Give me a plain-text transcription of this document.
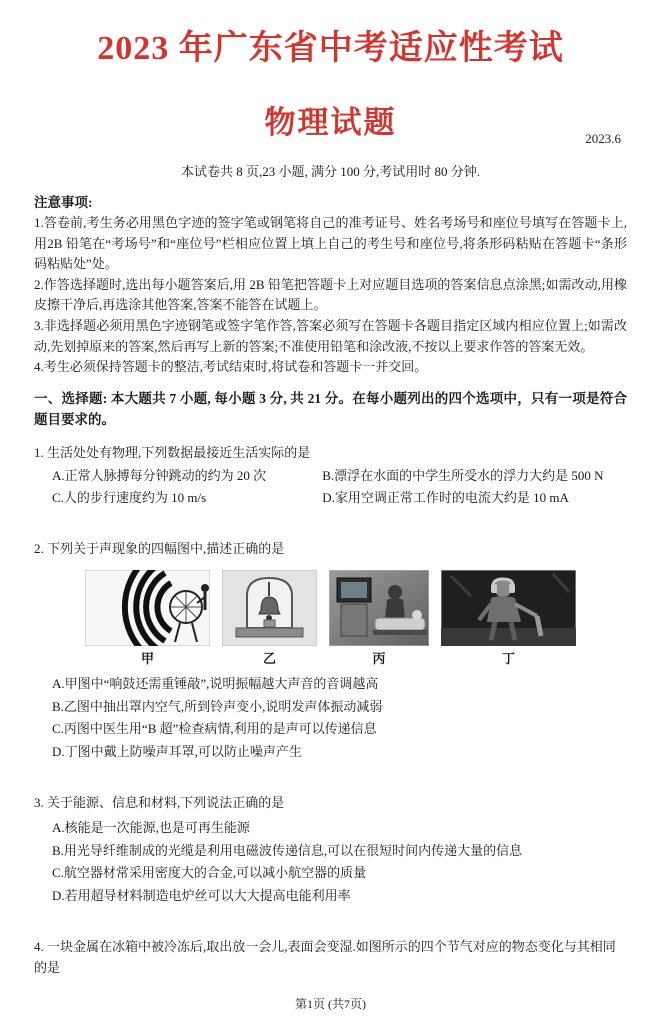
2023 年广东省中考适应性考试
物理试题	2023.6
本试卷共 8 页,23 小题, 满分 100 分,考试用时 80 分钟.
注意事项:
1.答卷前,考生务必用黑色字迹的签字笔或钢笔将自己的准考证号、姓名考场号和座位号填写在答题卡上,用2B 铅笔在“考场号”和“座位号”栏相应位置上填上自己的考生号和座位号,将条形码粘贴在答题卡“条形码粘贴处”处。
2.作答选择题时,选出每小题答案后,用 2B 铅笔把答题卡上对应题目选项的答案信息点涂黑;如需改动,用橡皮擦干净后,再选涂其他答案,答案不能答在试题上。
3.非选择题必须用黑色字迹钢笔或签字笔作答,答案必须写在答题卡各题目指定区域内相应位置上;如需改动,先划掉原来的答案,然后再写上新的答案;不准使用铅笔和涂改液,不按以上要求作答的答案无效。
4.考生必须保持答题卡的整洁,考试结束时,将试卷和答题卡一并交回。
一、选择题: 本大题共 7 小题, 每小题 3 分, 共 21 分。在每小题列出的四个选项中，只有一项是符合题目要求的。
1. 生活处处有物理,下列数据最接近生活实际的是
A.正常人脉搏每分钟跳动的约为 20 次	B.漂浮在水面的中学生所受水的浮力大约是 500 N
C.人的步行速度约为 10 m/s	D.家用空调正常工作时的电流大约是 10 mA
2. 下列关于声现象的四幅图中,描述正确的是
甲	乙	丙	丁
A.甲图中“响鼓还需重锤敲”,说明振幅越大声音的音调越高
B.乙图中抽出罩内空气,所到铃声变小,说明发声体振动减弱
C.丙图中医生用“B 超”检查病情,利用的是声可以传递信息
D.丁图中戴上防噪声耳罩,可以防止噪声产生
3. 关于能源、信息和材料,下列说法正确的是
A.核能是一次能源,也是可再生能源
B.用光导纤维制成的光缆是利用电磁波传递信息,可以在很短时间内传递大量的信息
C.航空器材常采用密度大的合金,可以减小航空器的质量
D.若用超导材料制造电炉丝可以大大提高电能利用率
4. 一块金属在冰箱中被冷冻后,取出放一会儿,表面会变湿.如图所示的四个节气对应的物态变化与其相同的是
第1页 (共7页)
